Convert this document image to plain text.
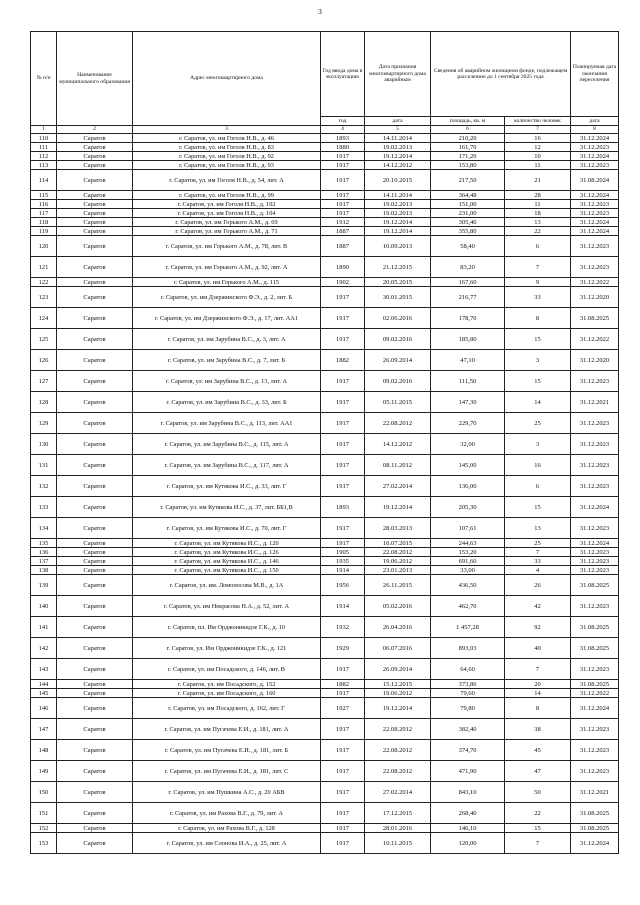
3
№ п/п	Наименование муниципального образования	Адрес многоквартирного дома	Год ввода дома в эксплуатацию	Дата признания многоквартирного дома аварийным	Сведения об аварийном жилищном фонде, подлежащем расселению до 1 сентября 2025 года		Планируемая дата окончания переселения
			год	дата	площадь, кв. м	количество человек	дата
1	2	3	4	5	6	7	8
110	Саратов	г. Саратов, ул. им Гоголя Н.В., д. 46	1893	14.11.2014	210,20	16	31.12.2024
111	Саратов	г. Саратов, ул. им Гоголя Н.В., д. 83	1880	19.02.2013	161,70	12	31.12.2023
112	Саратов	г. Саратов, ул. им Гоголя Н.В., д. 92	1917	19.12.2014	171,20	10	31.12.2024
113	Саратов	г. Саратов, ул. им Гоголя Н.В., д. 93	1917	14.12.2012	153,80	11	31.12.2023
114	Саратов	г. Саратов, ул. им Гоголя Н.В., д. 54, лит. А	1917	20.10.2015	217,50	21	31.08.2024
115	Саратов	г. Саратов, ул. им Гоголя Н.В., д. 99	1917	14.11.2014	364,48	28	31.12.2024
116	Саратов	г. Саратов, ул. им Гоголя Н.В., д. 102	1917	19.02.2013	151,00	11	31.12.2023
117	Саратов	г. Саратов, ул. им Гоголя Н.В., д. 104	1917	19.02.2013	231,00	18	31.12.2023
118	Саратов	г. Саратов, ул. им Горького А.М., д. 69	1912	19.12.2014	305,40	13	31.12.2024
119	Саратов	г. Саратов, ул. им Горького А.М., д. 71	1887	19.12.2014	355,80	22	31.12.2024
120	Саратов	г. Саратов, ул. им Горького А.М., д. 78, лит. В	1887	10.09.2013	58,40	6	31.12.2023
121	Саратов	г. Саратов, ул. им Горького А.М., д. 92, лит. А	1890	21.12.2015	83,20	7	31.12.2023
122	Саратов	г. Саратов, ул. им Горького А.М., д. 115	1902	20.05.2015	167,60	9	31.12.2022
123	Саратов	г. Саратов, ул. им Дзержинского Ф.Э., д. 2, лит. Б	1917	30.01.2015	216,77	33	31.12.2020
124	Саратов	г. Саратов, ул. им Дзержинского Ф.Э., д. 17, лит. АА1	1917	02.06.2016	178,70	8	31.08.2025
125	Саратов	г. Саратов, ул. им Зарубина В.С., д. 3, лит. А	1917	09.02.2016	185,80	15	31.12.2022
126	Саратов	г. Саратов, ул. им Зарубина В.С., д. 7, лит. Б	1882	26.09.2014	47,10	3	31.12.2020
127	Саратов	г. Саратов, ул. им Зарубина В.С., д. 13, лит. А	1917	09.02.2016	111,50	15	31.12.2023
128	Саратов	г. Саратов, ул. им Зарубина В.С., д. 33, лит. Б	1917	05.11.2015	147,30	14	31.12.2021
129	Саратов	г. Саратов, ул. им Зарубина В.С., д. 113, лит. АА1	1917	22.08.2012	229,70	25	31.12.2023
130	Саратов	г. Саратов, ул. им Зарубина В.С., д. 115, лит. А	1917	14.12.2012	32,00	3	31.12.2023
131	Саратов	г. Саратов, ул. им Зарубина В.С., д. 117, лит. А	1917	08.11.2012	145,00	16	31.12.2023
132	Саратов	г. Саратов, ул. им Кутякова И.С., д. 33, лит. Г	1917	27.02.2014	136,00	6	31.12.2023
133	Саратов	г. Саратов, ул. им Кутякова И.С., д. 37, лит. ББ1,В	1893	19.12.2014	205,30	15	31.12.2024
134	Саратов	г. Саратов, ул. им Кутякова И.С., д. 70, лит. Г	1917	28.03.2013	107,61	13	31.12.2023
135	Саратов	г. Саратов, ул. им Кутякова И.С., д. 120	1917	10.07.2015	244,63	25	31.12.2024
136	Саратов	г. Саратов, ул. им Кутякова И.С., д. 126	1905	22.08.2012	153,20	7	31.12.2023
137	Саратов	г. Саратов, ул. им Кутякова И.С., д. 146	1935	19.06.2012	691,60	33	31.12.2023
138	Саратов	г. Саратов, ул. им Кутякова И.С., д. 150	1914	23.01.2013	33,00	4	31.12.2023
139	Саратов	г. Саратов, ул. им. Ломоносова М.В., д. 1А	1956	26.11.2015	436,50	26	31.08.2025
140	Саратов	г. Саратов, ул. им Некрасова Н.А., д. 52, лит. А	1914	05.02.2016	462,70	42	31.12.2023
141	Саратов	г. Саратов, пл. Им Орджоникидзе Г.К., д. 10	1932	26.04.2016	1 457,28	92	31.08.2025
142	Саратов	г. Саратов, ул. Им Орджоникидзе Г.К., д. 121	1929	06.07.2016	893,03	40	31.08.2025
143	Саратов	г. Саратов, ул. им Посадского, д. 146, лит. В	1917	26.09.2014	64,60	7	31.12.2023
144	Саратов	г. Саратов, ул. им Посадского, д. 152	1882	15.12.2015	373,86	20	31.08.2025
145	Саратов	г. Саратов, ул. им Посадского, д. 160	1917	19.06.2012	79,60	14	31.12.2022
146	Саратов	г. Саратов, ул. им Посадского, д. 162, лит. Г	1927	19.12.2014	79,80	8	31.12.2024
147	Саратов	г. Саратов, ул. им Пугачева Е.И., д. 181, лит. А	1917	22.08.2012	382,40	38	31.12.2023
148	Саратов	г. Саратов, ул. им Пугачева Е.И., д. 181, лит. Б	1917	22.08.2012	374,70	45	31.12.2023
149	Саратов	г. Саратов, ул. им Пугачева Е.И., д. 181, лит. С	1917	22.08.2012	471,90	47	31.12.2023
150	Саратов	г. Саратов, ул. им Пушкина А.С., д. 20 АБВ	1917	27.02.2014	843,10	50	31.12.2021
151	Саратов	г. Саратов, ул. им Рахова В.Г., д. 79, лит. А	1917	17.12.2015	268,40	22	31.08.2025
152	Саратов	г. Саратов, ул. им Рахова В.Г., д. 128	1917	28.01.2016	146,10	15	31.08.2025
153	Саратов	г. Саратов, ул. им Слонова И.А., д. 25, лит. А	1917	10.11.2015	120,00	7	31.12.2024
